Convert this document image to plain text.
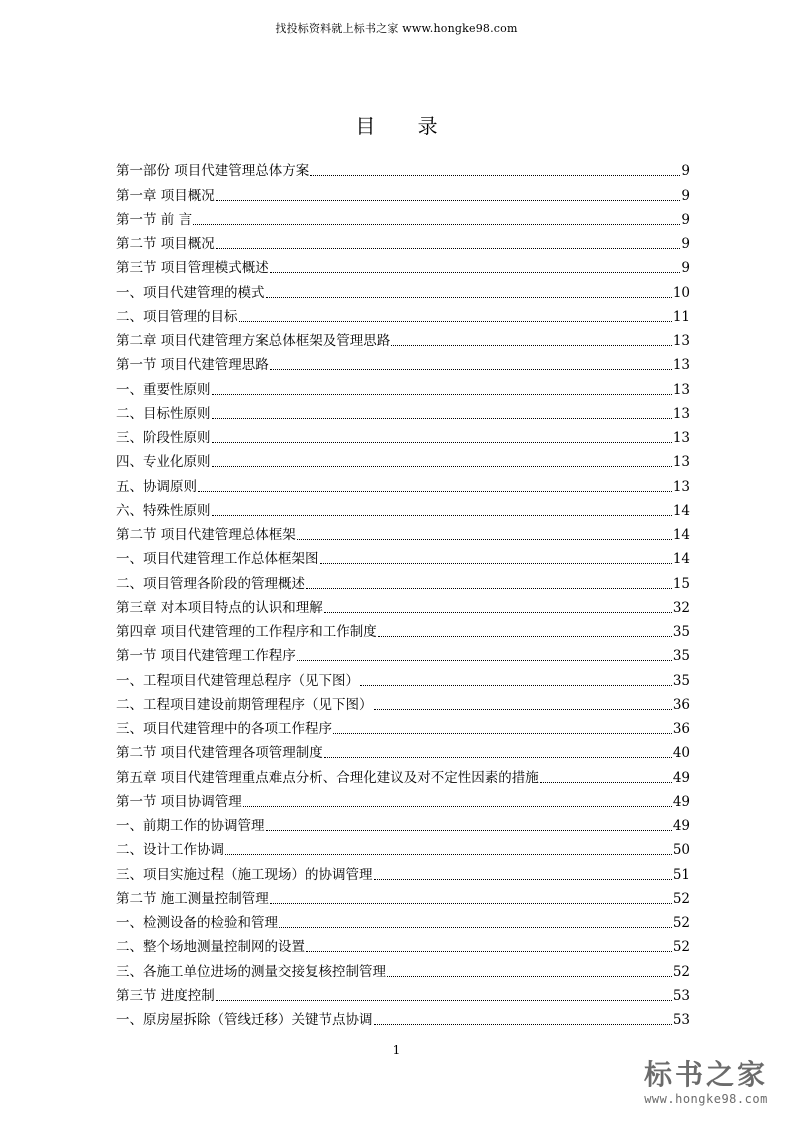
找投标资料就上标书之家 www.hongke98.com
目 录
第一部份 项目代建管理总体方案	9
第一章 项目概况	9
第一节 前 言	9
第二节 项目概况	9
第三节 项目管理模式概述	9
一、项目代建管理的模式	10
二、项目管理的目标	11
第二章 项目代建管理方案总体框架及管理思路	13
第一节 项目代建管理思路	13
一、重要性原则	13
二、目标性原则	13
三、阶段性原则	13
四、专业化原则	13
五、协调原则	13
六、特殊性原则	14
第二节 项目代建管理总体框架	14
一、项目代建管理工作总体框架图	14
二、项目管理各阶段的管理概述	15
第三章 对本项目特点的认识和理解	32
第四章 项目代建管理的工作程序和工作制度	35
第一节 项目代建管理工作程序	35
一、工程项目代建管理总程序（见下图）	35
二、工程项目建设前期管理程序（见下图）	36
三、项目代建管理中的各项工作程序	36
第二节 项目代建管理各项管理制度	40
第五章 项目代建管理重点难点分析、合理化建议及对不定性因素的措施	49
第一节 项目协调管理	49
一、前期工作的协调管理	49
二、设计工作协调	50
三、项目实施过程（施工现场）的协调管理	51
第二节 施工测量控制管理	52
一、检测设备的检验和管理	52
二、整个场地测量控制网的设置	52
三、各施工单位进场的测量交接复核控制管理	52
第三节 进度控制	53
一、原房屋拆除（管线迁移）关键节点协调	53
1
标书之家
www.hongke98.com
